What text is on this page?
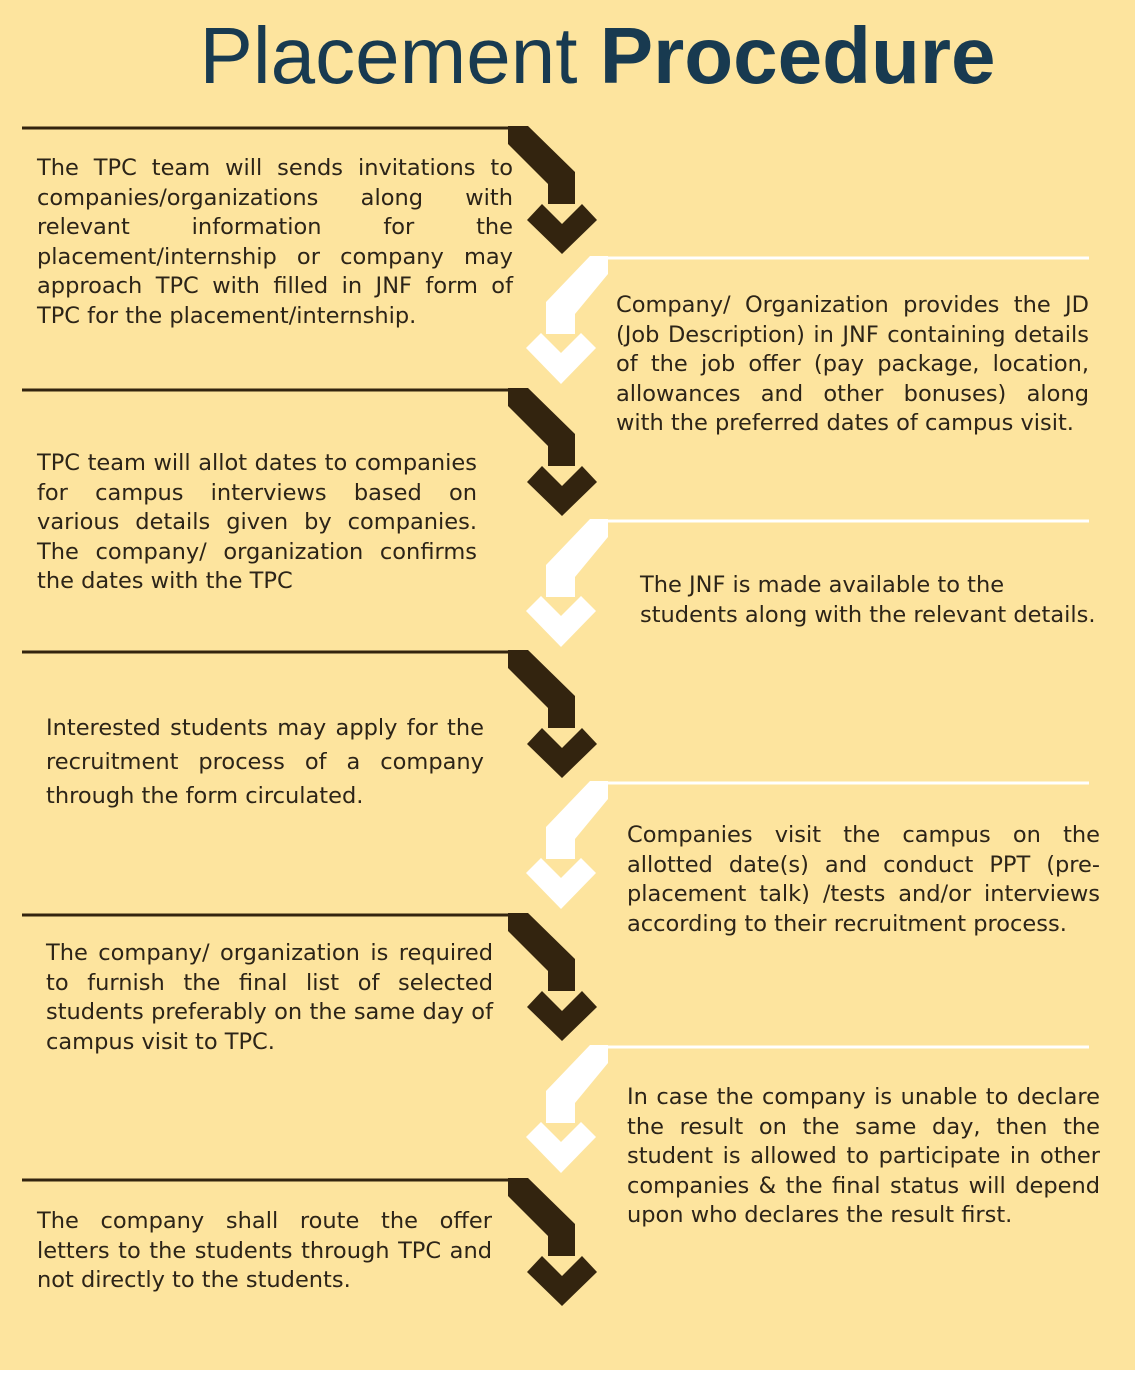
Placement Procedure

The TPC team will sends invitations to companies/organizations along with relevant information for the placement/internship or company may approach TPC with filled in JNF form of TPC for the placement/internship.	Company/ Organization provides the JD (Job Description) in JNF containing details of the job offer (pay package, location, allowances and other bonuses) along with the preferred dates of campus visit.

TPC team will allot dates to companies for campus interviews based on various details given by companies. The company/ organization confirms the dates with the TPC	The JNF is made available to the students along with the relevant details.

Interested students may apply for the recruitment process of a company through the form circulated.

Companies visit the campus on the allotted date(s) and conduct PPT (pre-placement talk) /tests and/or interviews according to their recruitment process.

The company/ organization is required to furnish the final list of selected students preferably on the same day of campus visit to TPC.

In case the company is unable to declare the result on the same day, then the student is allowed to participate in other companies & the final status will depend upon who declares the result first.

The company shall route the offer letters to the students through TPC and not directly to the students.
